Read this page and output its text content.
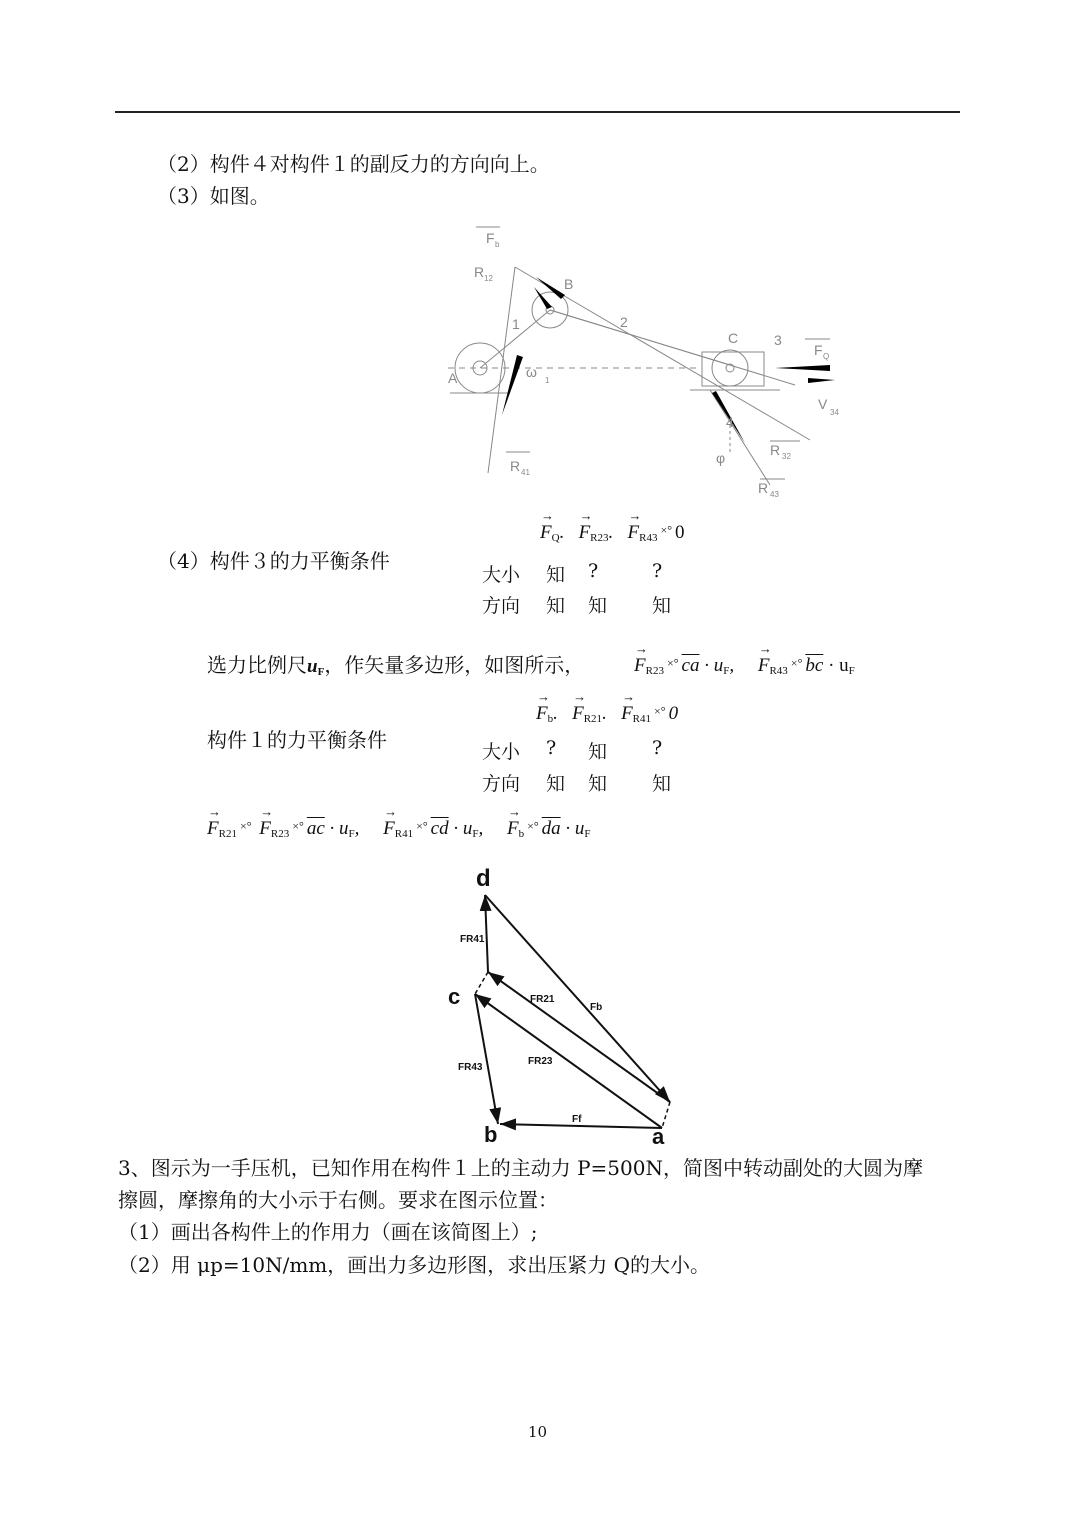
（2）构件４对构件１的副反力的方向向上。
（3）如图。
A
B
C
1	2
3
4
ω
1
φ
F b
R 12
F Q
V
34
R 32
R 43
R 41
→ $F_Q$.   → $F_{R23}$.   → $F_{R43}^{\times^\circ}$ 0
（4）构件３的力平衡条件
大小 知 ?	?
方向 知 知 知
选力比例尺$u_F$，作矢量多边形，如图所示，	→ $F_{R23}^{\times^\circ}$ $\overline{ca} \cdot u_F$,     → $F_{R43}^{\times^\circ}$ $\overline{bc} \cdot u_F$
→ $F_b$.   → $F_{R21}$.   → $F_{R41}^{\times^\circ}$ 0
构件１的力平衡条件	大小 ? 知 ?
方向 知 知 知
→ $F_{R21}^{\times^\circ} \to F_{R23}^{\times^\circ}$ $\overline{ac} \cdot u_F$,     → $F_{R41}^{\times^\circ}$ $\overline{cd} \cdot u_F$,     → $F_b^{\times^\circ}$ $\overline{da} \cdot u_F$
d
c
b	a
FR41
FR21
Fb
FR43
FR23
Ff
3、图示为一手压机，已知作用在构件１上的主动力 P=500N，简图中转动副处的大圆为摩
擦圆，摩擦角的大小示于右侧。要求在图示位置：
（1）画出各构件上的作用力（画在该简图上）;
（2）用 μp=10N/mm，画出力多边形图，求出压紧力 Q的大小。
10
